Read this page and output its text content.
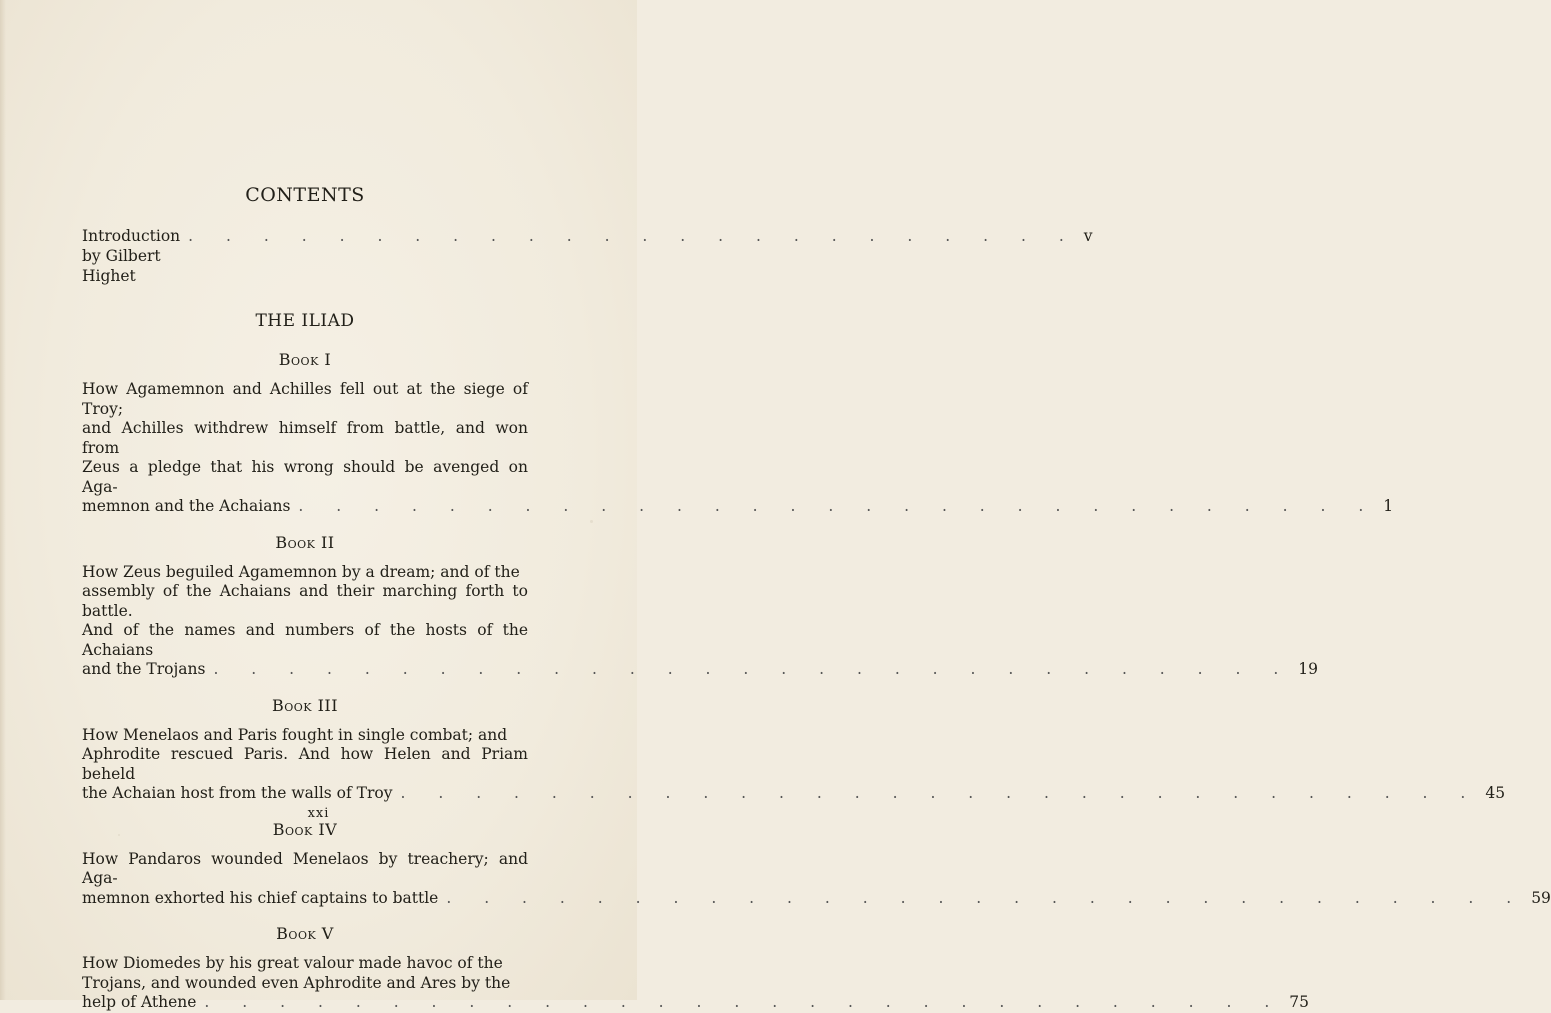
CONTENTS
Introduction by Gilbert Highet
. . . . . . . . . . . . . . . . . . . . . . . . v
THE ILIAD
Book I
How Agamemnon and Achilles fell out at the siege of Troy;
and Achilles withdrew himself from battle, and won from
Zeus a pledge that his wrong should be avenged on Aga-
memnon and the Achaians . . . . . . . . . . . . . . . . . . . . . . . . . . . . . 1
Book II
How Zeus beguiled Agamemnon by a dream; and of the
assembly of the Achaians and their marching forth to battle.
And of the names and numbers of the hosts of the Achaians
and the Trojans . . . . . . . . . . . . . . . . . . . . . . . . . . . . . 19
Book III
How Menelaos and Paris fought in single combat; and
Aphrodite rescued Paris. And how Helen and Priam beheld
the Achaian host from the walls of Troy . . . . . . . . . . . . . . . . . . . . . . . . . . . . . 45
Book IV
How Pandaros wounded Menelaos by treachery; and Aga-
memnon exhorted his chief captains to battle . . . . . . . . . . . . . . . . . . . . . . . . . . . . . 59
Book V
How Diomedes by his great valour made havoc of the
Trojans, and wounded even Aphrodite and Ares by the
help of Athene . . . . . . . . . . . . . . . . . . . . . . . . . . . . . 75
xxi
